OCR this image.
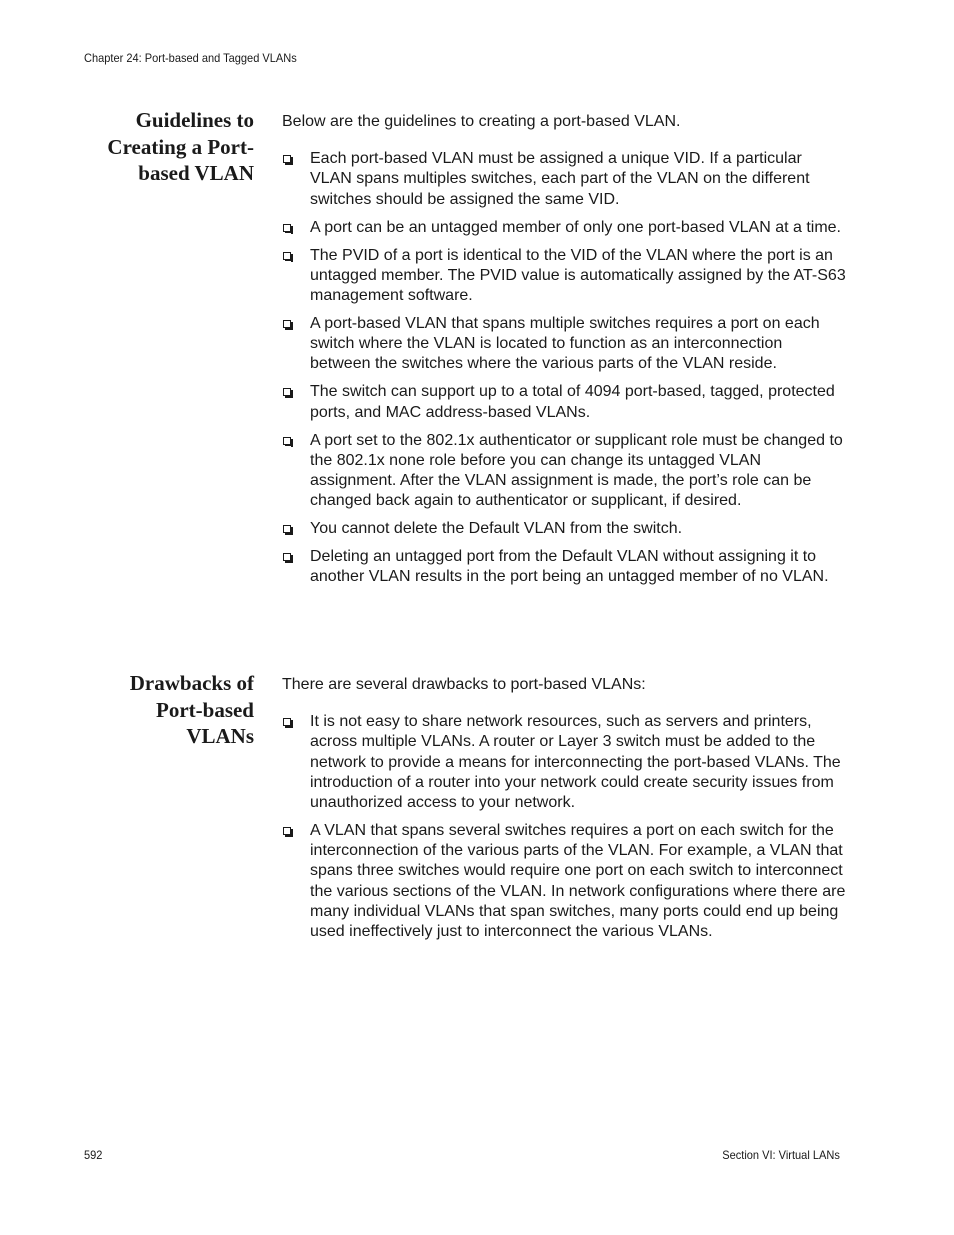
Chapter 24: Port-based and Tagged VLANs
Guidelines to
Creating a Port-
based VLAN

Below are the guidelines to creating a port-based VLAN.

Each port-based VLAN must be assigned a unique VID. If a particular VLAN spans multiples switches, each part of the VLAN on the different switches should be assigned the same VID.
A port can be an untagged member of only one port-based VLAN at a time.
The PVID of a port is identical to the VID of the VLAN where the port is an untagged member. The PVID value is automatically assigned by the AT-S63 management software.
A port-based VLAN that spans multiple switches requires a port on each switch where the VLAN is located to function as an interconnection between the switches where the various parts of the VLAN reside.
The switch can support up to a total of 4094 port-based, tagged, protected ports, and MAC address-based VLANs.
A port set to the 802.1x authenticator or supplicant role must be changed to the 802.1x none role before you can change its untagged VLAN assignment. After the VLAN assignment is made, the port’s role can be changed back again to authenticator or supplicant, if desired.
You cannot delete the Default VLAN from the switch.
Deleting an untagged port from the Default VLAN without assigning it to another VLAN results in the port being an untagged member of no VLAN.
Drawbacks of
Port-based
VLANs

There are several drawbacks to port-based VLANs:

It is not easy to share network resources, such as servers and printers, across multiple VLANs. A router or Layer 3 switch must be added to the network to provide a means for interconnecting the port-based VLANs. The introduction of a router into your network could create security issues from unauthorized access to your network.
A VLAN that spans several switches requires a port on each switch for the interconnection of the various parts of the VLAN. For example, a VLAN that spans three switches would require one port on each switch to interconnect the various sections of the VLAN. In network configurations where there are many individual VLANs that span switches, many ports could end up being used ineffectively just to interconnect the various VLANs.
592	Section VI: Virtual LANs
